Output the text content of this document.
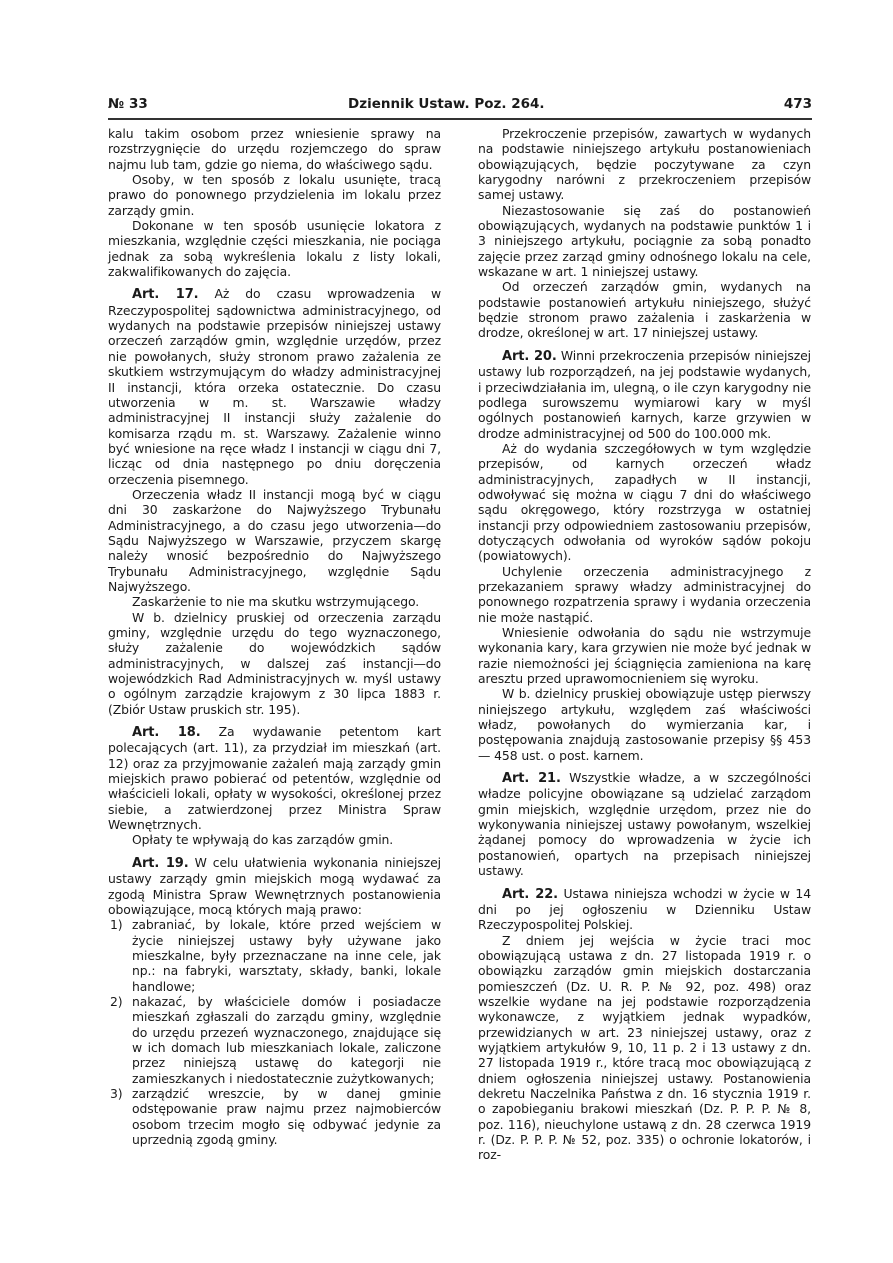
№ 33	Dziennik Ustaw. Poz. 264.	473

kalu takim osobom przez wniesienie sprawy na rozstrzygnięcie do urzędu rozjemczego do spraw najmu lub tam, gdzie go niema, do właściwego sądu.

Osoby, w ten sposób z lokalu usunięte, tracą prawo do ponownego przydzielenia im lokalu przez zarządy gmin.

Dokonane w ten sposób usunięcie lokatora z mieszkania, względnie części mieszkania, nie pociąga jednak za sobą wykreślenia lokalu z listy lokali, zakwalifikowanych do zajęcia.

Art. 17. Aż do czasu wprowadzenia w Rzeczypospolitej sądownictwa administracyjnego, od wydanych na podstawie przepisów niniejszej ustawy orzeczeń zarządów gmin, względnie urzędów, przez nie powołanych, służy stronom prawo zażalenia ze skutkiem wstrzymującym do władzy administracyjnej II instancji, która orzeka ostatecznie. Do czasu utworzenia w m. st. Warszawie władzy administracyjnej II instancji służy zażalenie do komisarza rządu m. st. Warszawy. Zażalenie winno być wniesione na ręce władz I instancji w ciągu dni 7, licząc od dnia następnego po dniu doręczenia orzeczenia pisemnego.

Orzeczenia władz II instancji mogą być w ciągu dni 30 zaskarżone do Najwyższego Trybunału Administracyjnego, a do czasu jego utworzenia—do Sądu Najwyższego w Warszawie, przyczem skargę należy wnosić bezpośrednio do Najwyższego Trybunału Administracyjnego, względnie Sądu Najwyższego.

Zaskarżenie to nie ma skutku wstrzymującego.

W b. dzielnicy pruskiej od orzeczenia zarządu gminy, względnie urzędu do tego wyznaczonego, służy zażalenie do wojewódzkich sądów administracyjnych, w dalszej zaś instancji—do wojewódzkich Rad Administracyjnych w. myśl ustawy o ogólnym zarządzie krajowym z 30 lipca 1883 r. (Zbiór Ustaw pruskich str. 195).

Art. 18. Za wydawanie petentom kart polecających (art. 11), za przydział im mieszkań (art. 12) oraz za przyjmowanie zażaleń mają zarządy gmin miejskich prawo pobierać od petentów, względnie od właścicieli lokali, opłaty w wysokości, określonej przez siebie, a zatwierdzonej przez Ministra Spraw Wewnętrznych.

Opłaty te wpływają do kas zarządów gmin.

Art. 19. W celu ułatwienia wykonania niniejszej ustawy zarządy gmin miejskich mogą wydawać za zgodą Ministra Spraw Wewnętrznych postanowienia obowiązujące, mocą których mają prawo:

1) zabraniać, by lokale, które przed wejściem w życie niniejszej ustawy były używane jako mieszkalne, były przeznaczane na inne cele, jak np.: na fabryki, warsztaty, składy, banki, lokale handlowe;
2) nakazać, by właściciele domów i posiadacze mieszkań zgłaszali do zarządu gminy, względnie do urzędu przezeń wyznaczonego, znajdujące się w ich domach lub mieszkaniach lokale, zaliczone przez niniejszą ustawę do kategorji nie zamieszkanych i niedostatecznie zużytkowanych;
3) zarządzić wreszcie, by w danej gminie odstępowanie praw najmu przez najmobierców osobom trzecim mogło się odbywać jedynie za uprzednią zgodą gminy.

Przekroczenie przepisów, zawartych w wydanych na podstawie niniejszego artykułu postanowieniach obowiązujących, będzie poczytywane za czyn karygodny narówni z przekroczeniem przepisów samej ustawy.

Niezastosowanie się zaś do postanowień obowiązujących, wydanych na podstawie punktów 1 i 3 niniejszego artykułu, pociągnie za sobą ponadto zajęcie przez zarząd gminy odnośnego lokalu na cele, wskazane w art. 1 niniejszej ustawy.

Od orzeczeń zarządów gmin, wydanych na podstawie postanowień artykułu niniejszego, służyć będzie stronom prawo zażalenia i zaskarżenia w drodze, określonej w art. 17 niniejszej ustawy.

Art. 20. Winni przekroczenia przepisów niniejszej ustawy lub rozporządzeń, na jej podstawie wydanych, i przeciwdziałania im, ulegną, o ile czyn karygodny nie podlega surowszemu wymiarowi kary w myśl ogólnych postanowień karnych, karze grzywien w drodze administracyjnej od 500 do 100.000 mk.

Aż do wydania szczegółowych w tym względzie przepisów, od karnych orzeczeń władz administracyjnych, zapadłych w II instancji, odwoływać się można w ciągu 7 dni do właściwego sądu okręgowego, który rozstrzyga w ostatniej instancji przy odpowiedniem zastosowaniu przepisów, dotyczących odwołania od wyroków sądów pokoju (powiatowych).

Uchylenie orzeczenia administracyjnego z przekazaniem sprawy władzy administracyjnej do ponownego rozpatrzenia sprawy i wydania orzeczenia nie może nastąpić.

Wniesienie odwołania do sądu nie wstrzymuje wykonania kary, kara grzywien nie może być jednak w razie niemożności jej ściągnięcia zamieniona na karę aresztu przed uprawomocnieniem się wyroku.

W b. dzielnicy pruskiej obowiązuje ustęp pierwszy niniejszego artykułu, względem zaś właściwości władz, powołanych do wymierzania kar, i postępowania znajdują zastosowanie przepisy §§ 453 — 458 ust. o post. karnem.

Art. 21. Wszystkie władze, a w szczególności władze policyjne obowiązane są udzielać zarządom gmin miejskich, względnie urzędom, przez nie do wykonywania niniejszej ustawy powołanym, wszelkiej żądanej pomocy do wprowadzenia w życie ich postanowień, opartych na przepisach niniejszej ustawy.

Art. 22. Ustawa niniejsza wchodzi w życie w 14 dni po jej ogłoszeniu w Dzienniku Ustaw Rzeczypospolitej Polskiej.

Z dniem jej wejścia w życie traci moc obowiązującą ustawa z dn. 27 listopada 1919 r. o obowiązku zarządów gmin miejskich dostarczania pomieszczeń (Dz. U. R. P. № 92, poz. 498) oraz wszelkie wydane na jej podstawie rozporządzenia wykonawcze, z wyjątkiem jednak wypadków, przewidzianych w art. 23 niniejszej ustawy, oraz z wyjątkiem artykułów 9, 10, 11 p. 2 i 13 ustawy z dn. 27 listopada 1919 r., które tracą moc obowiązującą z dniem ogłoszenia niniejszej ustawy. Postanowienia dekretu Naczelnika Państwa z dn. 16 stycznia 1919 r. o zapobieganiu brakowi mieszkań (Dz. P. P. P. № 8, poz. 116), nieuchylone ustawą z dn. 28 czerwca 1919 r. (Dz. P. P. P. № 52, poz. 335) o ochronie lokatorów, i roz-
